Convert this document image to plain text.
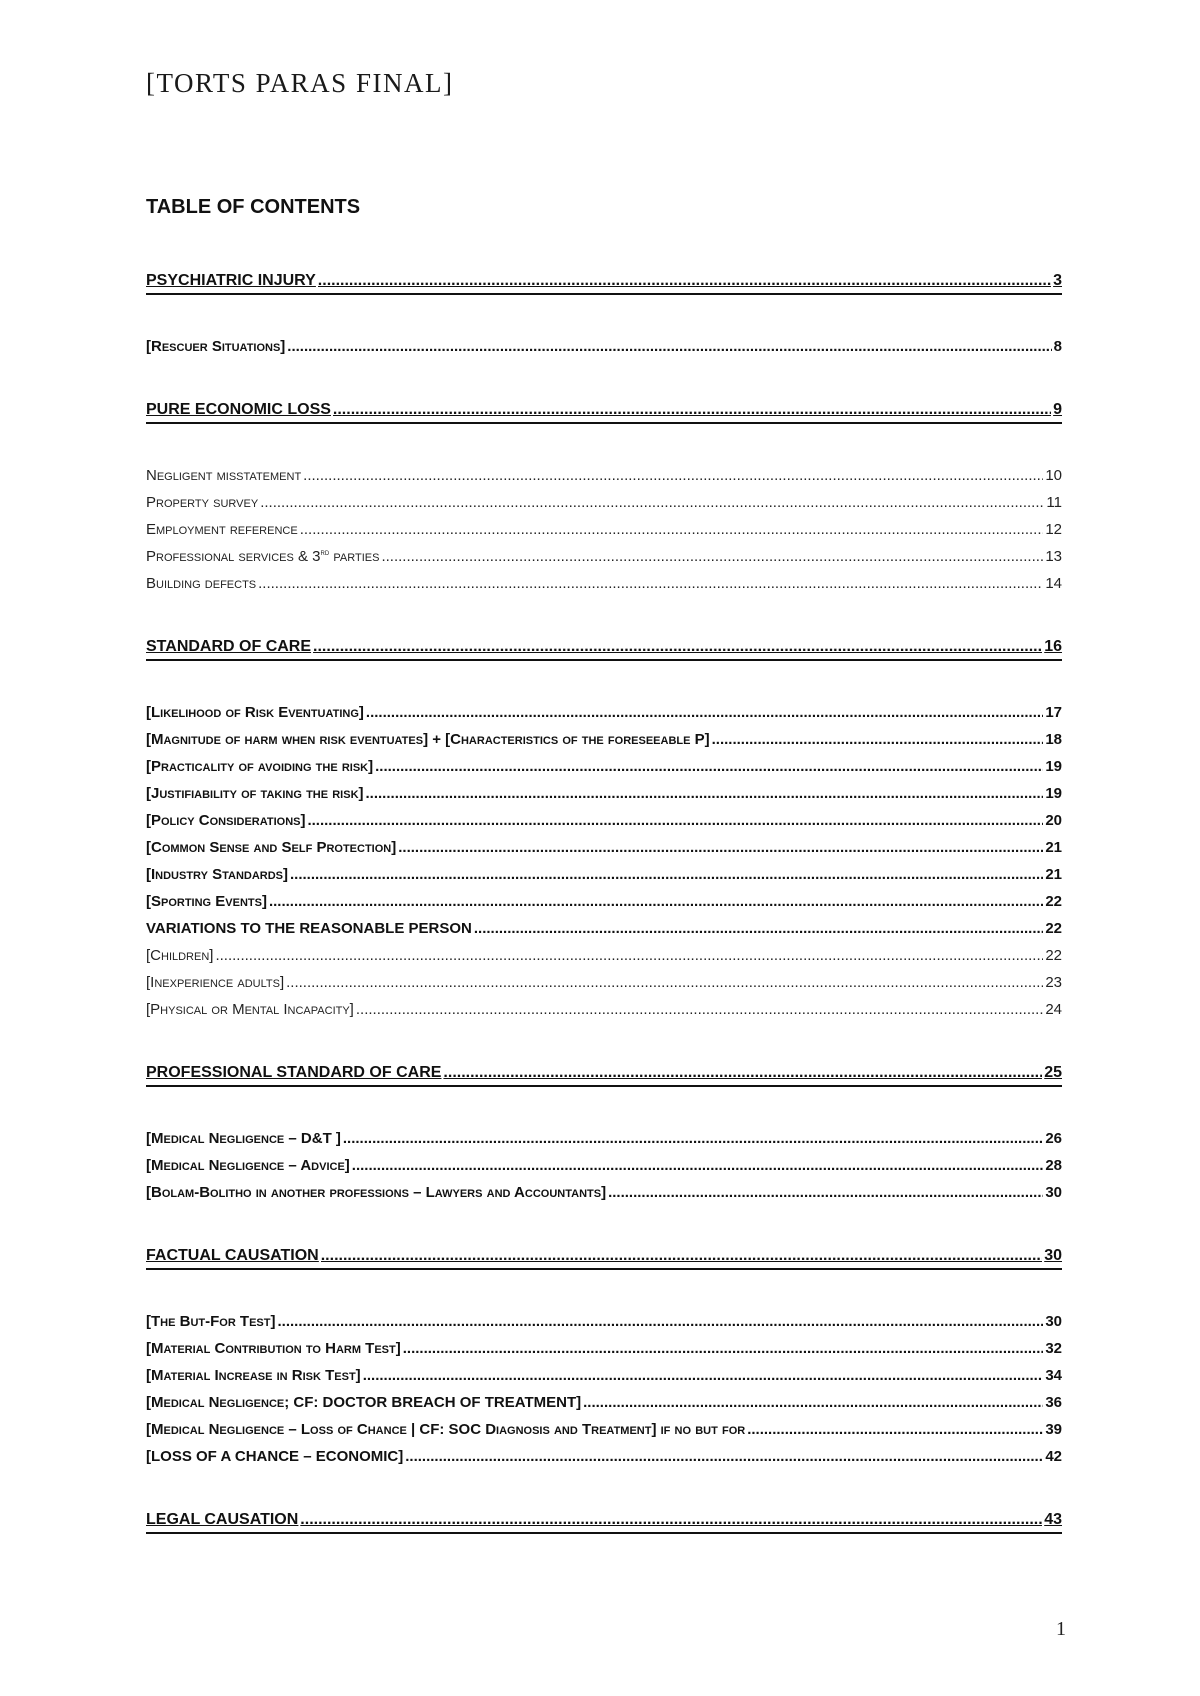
[TORTS PARAS FINAL]
TABLE OF CONTENTS
PSYCHIATRIC INJURY .....	3
[Rescuer Situations] .....	8
PURE ECONOMIC LOSS .....	9
Negligent misstatement .....	10
Property survey .....	11
Employment reference .....	12
Professional services & 3rd parties .....	13
Building defects .....	14
STANDARD OF CARE .....	16
[Likelihood of Risk Eventuating] .....	17
[Magnitude of harm when risk eventuates] + [Characteristics of the foreseeable P] .....	18
[Practicality of avoiding the risk] .....	19
[Justifiability of taking the risk] .....	19
[Policy Considerations] .....	20
[Common Sense and Self Protection] .....	21
[Industry Standards] .....	21
[Sporting Events] .....	22
VARIATIONS TO THE REASONABLE PERSON .....	22
[Children] .....	22
[Inexperience adults] .....	23
[Physical or Mental Incapacity] .....	24
PROFESSIONAL STANDARD OF CARE .....	25
[Medical Negligence – D&T ] .....	26
[Medical Negligence – Advice] .....	28
[Bolam-Bolitho in another professions – Lawyers and Accountants] .....	30
FACTUAL CAUSATION .....	30
[The But-For Test] .....	30
[Material Contribution to Harm Test] .....	32
[Material Increase in Risk Test] .....	34
[Medical Negligence; CF: DOCTOR BREACH OF TREATMENT] .....	36
[Medical Negligence – Loss of Chance | CF: SOC Diagnosis and Treatment] if no but for .....	39
[LOSS OF A CHANCE – ECONOMIC] .....	42
LEGAL CAUSATION .....	43
1
